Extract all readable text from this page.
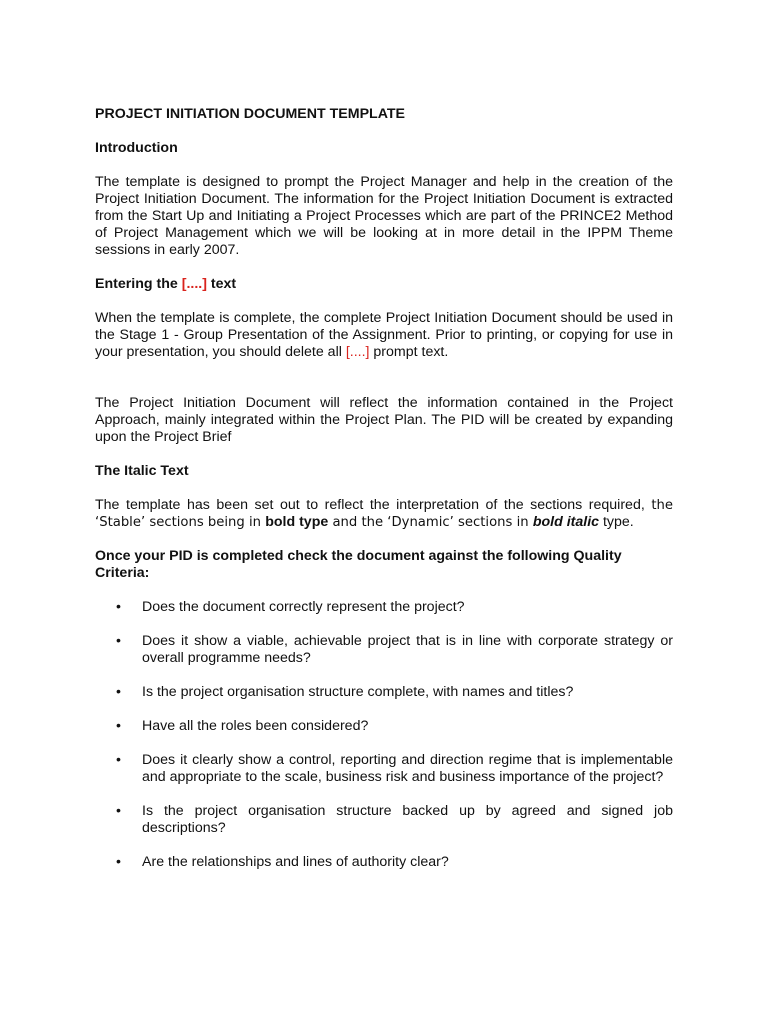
PROJECT INITIATION DOCUMENT TEMPLATE
Introduction
The template is designed to prompt the Project Manager and help in the creation of the Project Initiation Document. The information for the Project Initiation Document is extracted from the Start Up and Initiating a Project Processes which are part of the PRINCE2 Method of Project Management which we will be looking at in more detail in the IPPM Theme sessions in early 2007.
Entering the [....] text
When the template is complete, the complete Project Initiation Document should be used in the Stage 1 - Group Presentation of the Assignment. Prior to printing, or copying for use in your presentation, you should delete all [....] prompt text.
The Project Initiation Document will reflect the information contained in the Project Approach, mainly integrated within the Project Plan. The PID will be created by expanding upon the Project Brief
The Italic Text
The template has been set out to reflect the interpretation of the sections required, the ‘Stable’ sections being in bold type and the ‘Dynamic’ sections in bold italic type.
Once your PID is completed check the document against the following Quality Criteria:
• Does the document correctly represent the project?
• Does it show a viable, achievable project that is in line with corporate strategy or overall programme needs?
• Is the project organisation structure complete, with names and titles?
• Have all the roles been considered?
• Does it clearly show a control, reporting and direction regime that is implementable and appropriate to the scale, business risk and business importance of the project?
• Is the project organisation structure backed up by agreed and signed job descriptions?
• Are the relationships and lines of authority clear?
